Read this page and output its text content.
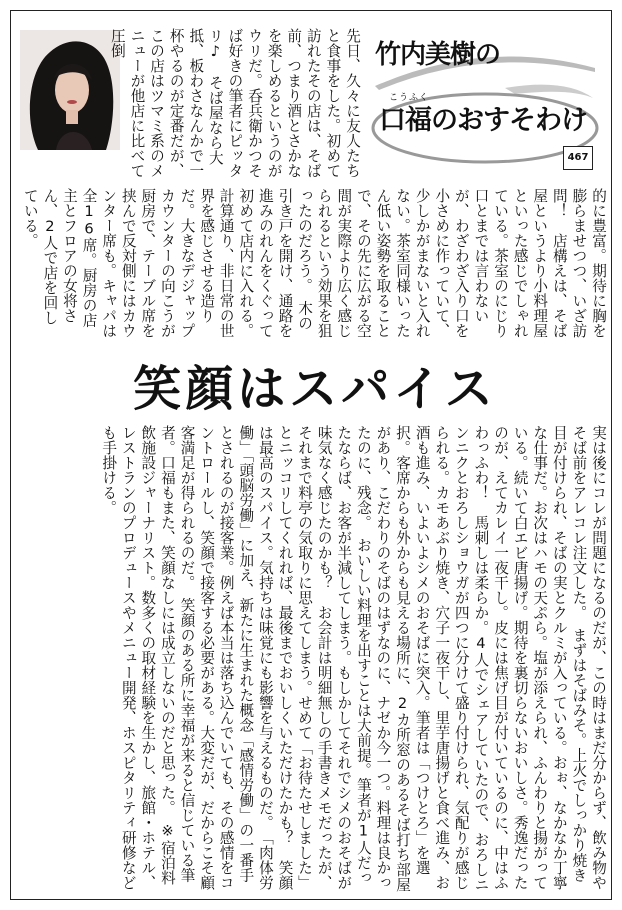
竹内美樹の
こうふく
口福のおすそわけ
467
先日、久々に友人たちと食事をした。初めて訪れたその店は、そば前、つまり酒とさかなを楽しめるというのがウリだ。呑兵衛かつそば好きの筆者にピッタリ♪　そば屋なら大抵、板わさなんかで一杯やるのが定番だが、この店はツマミ系のメニューが他店に比べて圧倒
的に豊富。期待に胸を膨らませつつ、いざ訪問！　店構えは、そば屋というより小料理屋といった感じでしゃれている。茶室のにじり口とまでは言わないが、わざわざ入り口を小さめに作っていて、少しかがまないと入れない。茶室同様いったん低い姿勢を取ることで、その先に広がる空間が実際より広く感じられるという効果を狙ったのだろう。　木の引き戸を開け、通路を進みのれんをくぐって初めて店内に入れる。計算通り、非日常の世界を感じさせる造りだ。大きなデジャップカウンターの向こうが厨房で、テーブル席を挟んで反対側にはカウンター席も。キャパは全16席。厨房の店主とフロアの女将さん、2人で店を回している。
笑顔はスパイス
実は後にコレが問題になるのだが、この時はまだ分からず、飲み物やそば前をアレコレ注文した。　まずはそばみそ。上火でしっかり焼き目が付けられ、そばの実とクルミが入っている。おぉ、なかなか丁寧な仕事だ。お次はハモの天ぷら。塩が添えられ、ふんわりと揚がっている。続いて白エビ唐揚げ。期待を裏切らないおいしさ。秀逸だったのが、えてカレイ一夜干し。皮には焦げ目が付いているのに、中はふわっふわ！　馬刺しは柔らか。4人でシェアしていたので、おろしニンニクとおろしショウガが四つに分けて盛り付けられ、気配りが感じられる。カモあぶり焼き、穴子一夜干し、里芋唐揚げと食べ進み、お酒も進み、いよいよシメのおそばに突入。筆者は「つけとろ」を選択。客席からも外からも見える場所に、2カ所窓のあるそば打ち部屋があり、こだわりのそばのはずなのに、ナゼか今一つ。料理は良かったのに、残念。　おいしい料理を出すことは大前提。筆者が1人だったならば、お客が半減してしまう。もしかしてそれでシメのおそばが味気なく感じたのかも？　お会計は明細無しの手書きメモだったが、それまで料亭の気取りに思えてしまう。せめて「お待たせしました」とニッコリしてくれれば、最後までおいしくいただけたかも？　笑顔は最高のスパイス。気持ちは味覚にも影響を与えるものだ。　「肉体労働」「頭脳労働」に加え、新たに生まれた概念「感情労働」の一番手とされるのが接客業。例えば本当は落ち込んでいても、その感情をコントロールし、笑顔で接客する必要がある。大変だが、だからこそ顧客満足が得られるのだ。　笑顔のある所に幸福が来ると信じている筆者。口福もまた、笑顔なしには成立しないのだと思った。　※宿泊料飲施設ジャーナリスト。数多くの取材経験を生かし、旅館・ホテル、レストランのプロデュースやメニュー開発、ホスピタリティ研修なども手掛ける。
